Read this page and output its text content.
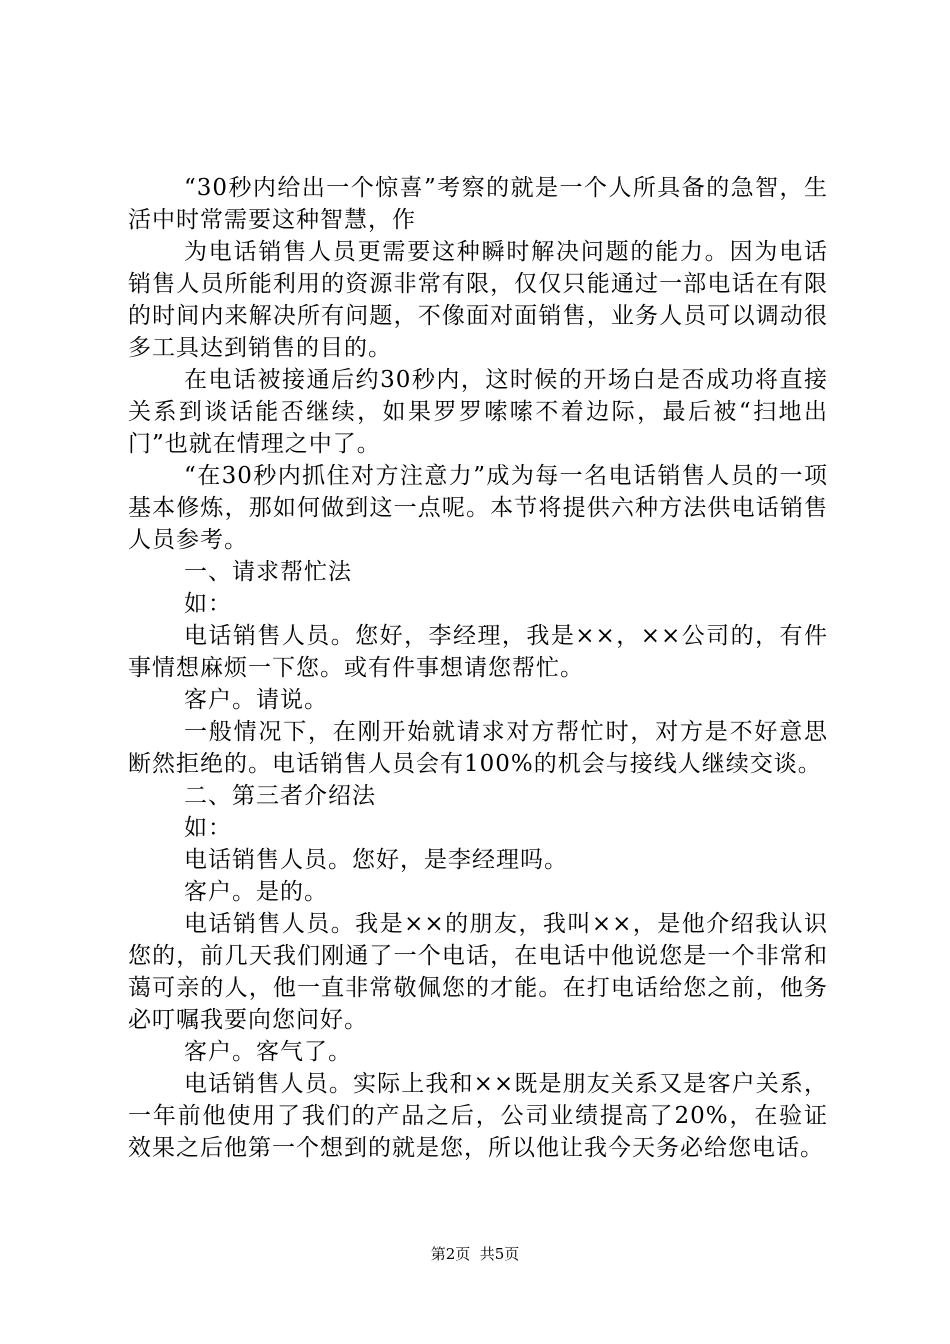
“30秒内给出一个惊喜”考察的就是一个人所具备的急智，生活中时常需要这种智慧，作

为电话销售人员更需要这种瞬时解决问题的能力。因为电话销售人员所能利用的资源非常有限，仅仅只能通过一部电话在有限的时间内来解决所有问题，不像面对面销售，业务人员可以调动很多工具达到销售的目的。

在电话被接通后约30秒内，这时候的开场白是否成功将直接关系到谈话能否继续，如果罗罗嗦嗦不着边际，最后被“扫地出门”也就在情理之中了。

“在30秒内抓住对方注意力”成为每一名电话销售人员的一项基本修炼，那如何做到这一点呢。本节将提供六种方法供电话销售人员参考。

一、请求帮忙法

如：

电话销售人员。您好，李经理，我是××，××公司的，有件事情想麻烦一下您。或有件事想请您帮忙。

客户。请说。

一般情况下，在刚开始就请求对方帮忙时，对方是不好意思断然拒绝的。电话销售人员会有100%的机会与接线人继续交谈。

二、第三者介绍法

如：

电话销售人员。您好，是李经理吗。

客户。是的。

电话销售人员。我是××的朋友，我叫××，是他介绍我认识您的，前几天我们刚通了一个电话，在电话中他说您是一个非常和蔼可亲的人，他一直非常敬佩您的才能。在打电话给您之前，他务必叮嘱我要向您问好。

客户。客气了。

电话销售人员。实际上我和××既是朋友关系又是客户关系，一年前他使用了我们的产品之后，公司业绩提高了20%，在验证效果之后他第一个想到的就是您，所以他让我今天务必给您电话。

第2页  共5页
